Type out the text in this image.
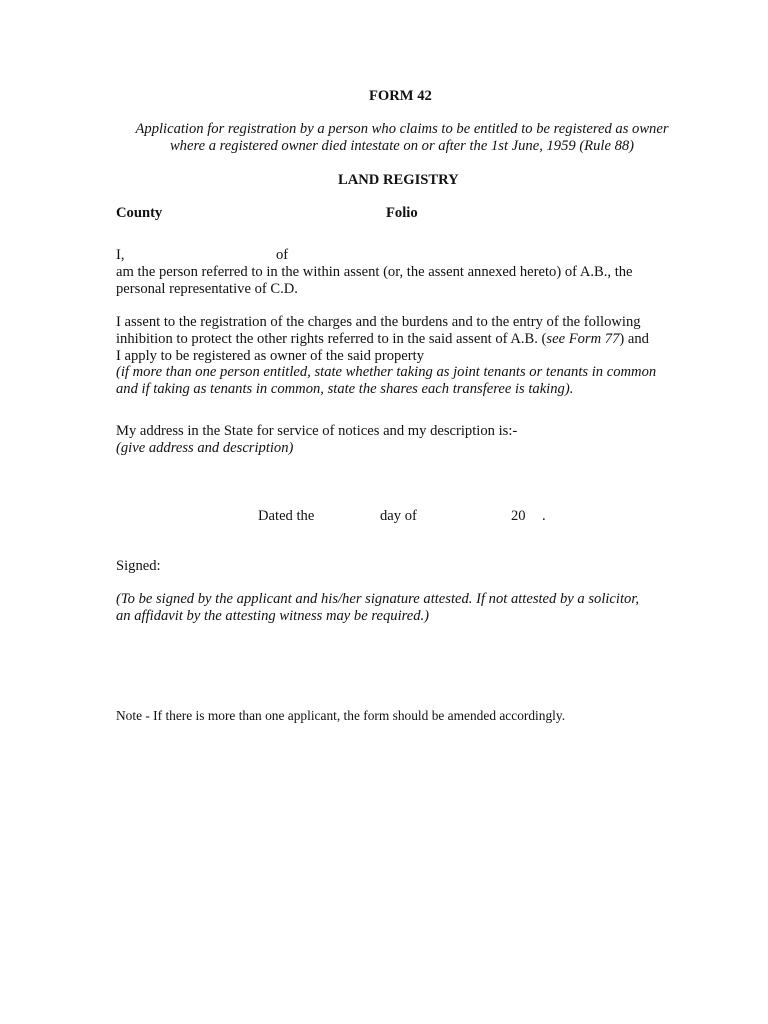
FORM 42
Application for registration by a person who claims to be entitled to be registered as owner
where a registered owner died intestate on or after the 1st June, 1959 (Rule 88)
LAND REGISTRY
County	Folio
I,	of
am the person referred to in the within assent (or, the assent annexed hereto) of A.B., the
personal representative of C.D.
I assent to the registration of the charges and the burdens and to the entry of the following
inhibition to protect the other rights referred to in the said assent of A.B. (see Form 77) and
I apply to be registered as owner of the said property
(if more than one person entitled, state whether taking as joint tenants or tenants in common
and if taking as tenants in common, state the shares each transferee is taking).
My address in the State for service of notices and my description is:-
(give address and description)
Dated the	day of	20 .
Signed:
(To be signed by the applicant and his/her signature attested. If not attested by a solicitor,
an affidavit by the attesting witness may be required.)
Note - If there is more than one applicant, the form should be amended accordingly.
